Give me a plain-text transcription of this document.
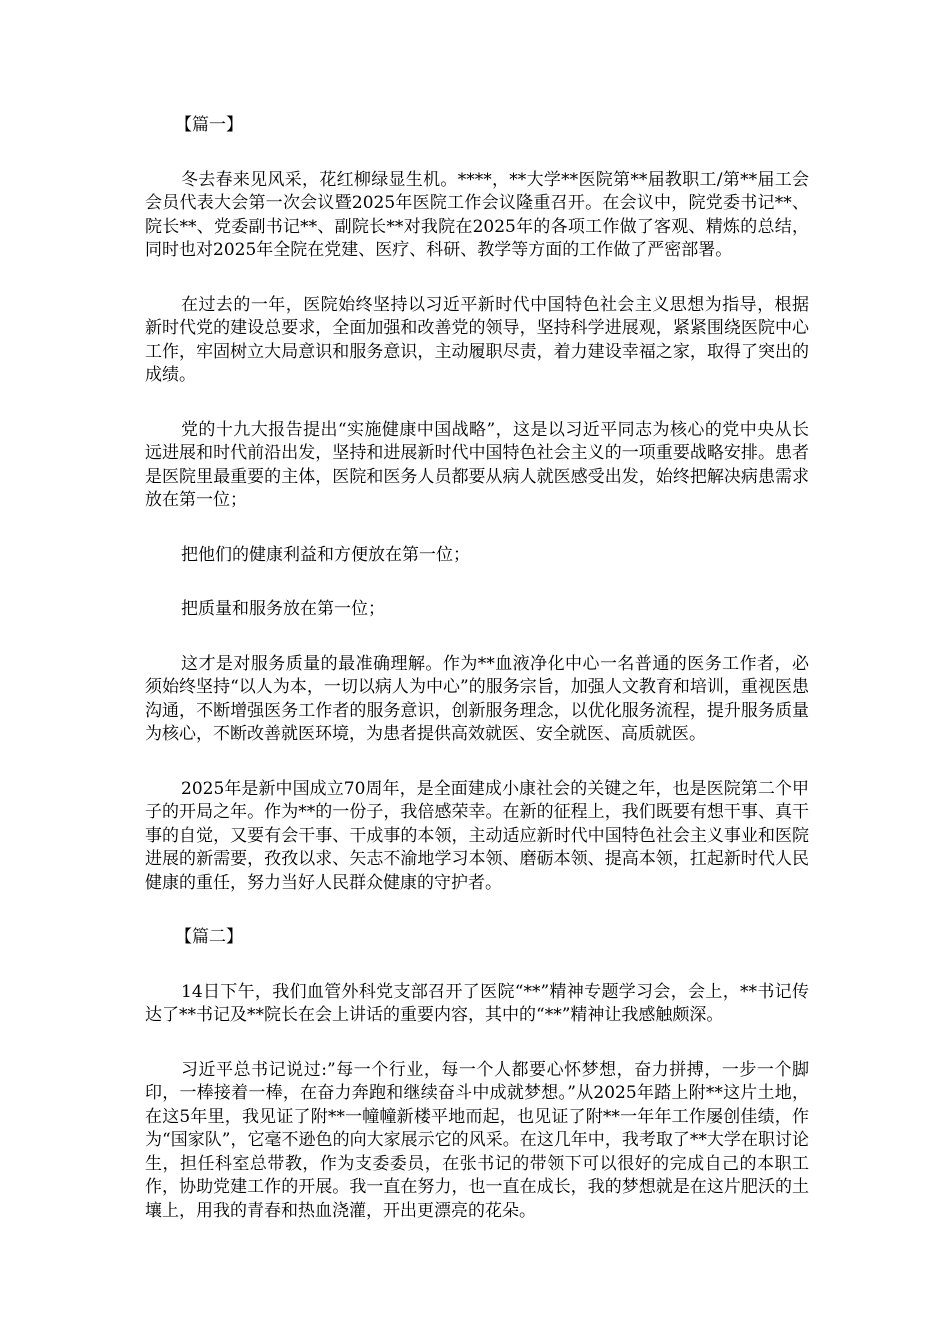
【篇一】

冬去春来见风采，花红柳绿显生机。****，**大学**医院第**届教职工/第**届工会会员代表大会第一次会议暨2025年医院工作会议隆重召开。在会议中，院党委书记**、院长**、党委副书记**、副院长**对我院在2025年的各项工作做了客观、精炼的总结，同时也对2025年全院在党建、医疗、科研、教学等方面的工作做了严密部署。

在过去的一年，医院始终坚持以习近平新时代中国特色社会主义思想为指导，根据新时代党的建设总要求，全面加强和改善党的领导，坚持科学进展观，紧紧围绕医院中心工作，牢固树立大局意识和服务意识，主动履职尽责，着力建设幸福之家，取得了突出的成绩。

党的十九大报告提出“实施健康中国战略”，这是以习近平同志为核心的党中央从长远进展和时代前沿出发，坚持和进展新时代中国特色社会主义的一项重要战略安排。患者是医院里最重要的主体，医院和医务人员都要从病人就医感受出发，始终把解决病患需求放在第一位；

把他们的健康利益和方便放在第一位；

把质量和服务放在第一位；

这才是对服务质量的最准确理解。作为**血液净化中心一名普通的医务工作者，必须始终坚持“以人为本，一切以病人为中心”的服务宗旨，加强人文教育和培训，重视医患沟通，不断增强医务工作者的服务意识，创新服务理念，以优化服务流程，提升服务质量为核心，不断改善就医环境，为患者提供高效就医、安全就医、高质就医。

2025年是新中国成立70周年，是全面建成小康社会的关键之年，也是医院第二个甲子的开局之年。作为**的一份子，我倍感荣幸。在新的征程上，我们既要有想干事、真干事的自觉，又要有会干事、干成事的本领，主动适应新时代中国特色社会主义事业和医院进展的新需要，孜孜以求、矢志不渝地学习本领、磨砺本领、提高本领，扛起新时代人民健康的重任，努力当好人民群众健康的守护者。

【篇二】

14日下午，我们血管外科党支部召开了医院“**”精神专题学习会，会上，**书记传达了**书记及**院长在会上讲话的重要内容，其中的“**”精神让我感触颇深。

习近平总书记说过:”每一个行业，每一个人都要心怀梦想，奋力拼搏，一步一个脚印，一棒接着一棒，在奋力奔跑和继续奋斗中成就梦想。”从2025年踏上附**这片土地，在这5年里，我见证了附**一幢幢新楼平地而起，也见证了附**一年年工作屡创佳绩，作为“国家队”，它毫不逊色的向大家展示它的风采。在这几年中，我考取了**大学在职讨论生，担任科室总带教，作为支委委员，在张书记的带领下可以很好的完成自己的本职工作，协助党建工作的开展。我一直在努力，也一直在成长，我的梦想就是在这片肥沃的土壤上，用我的青春和热血浇灌，开出更漂亮的花朵。
